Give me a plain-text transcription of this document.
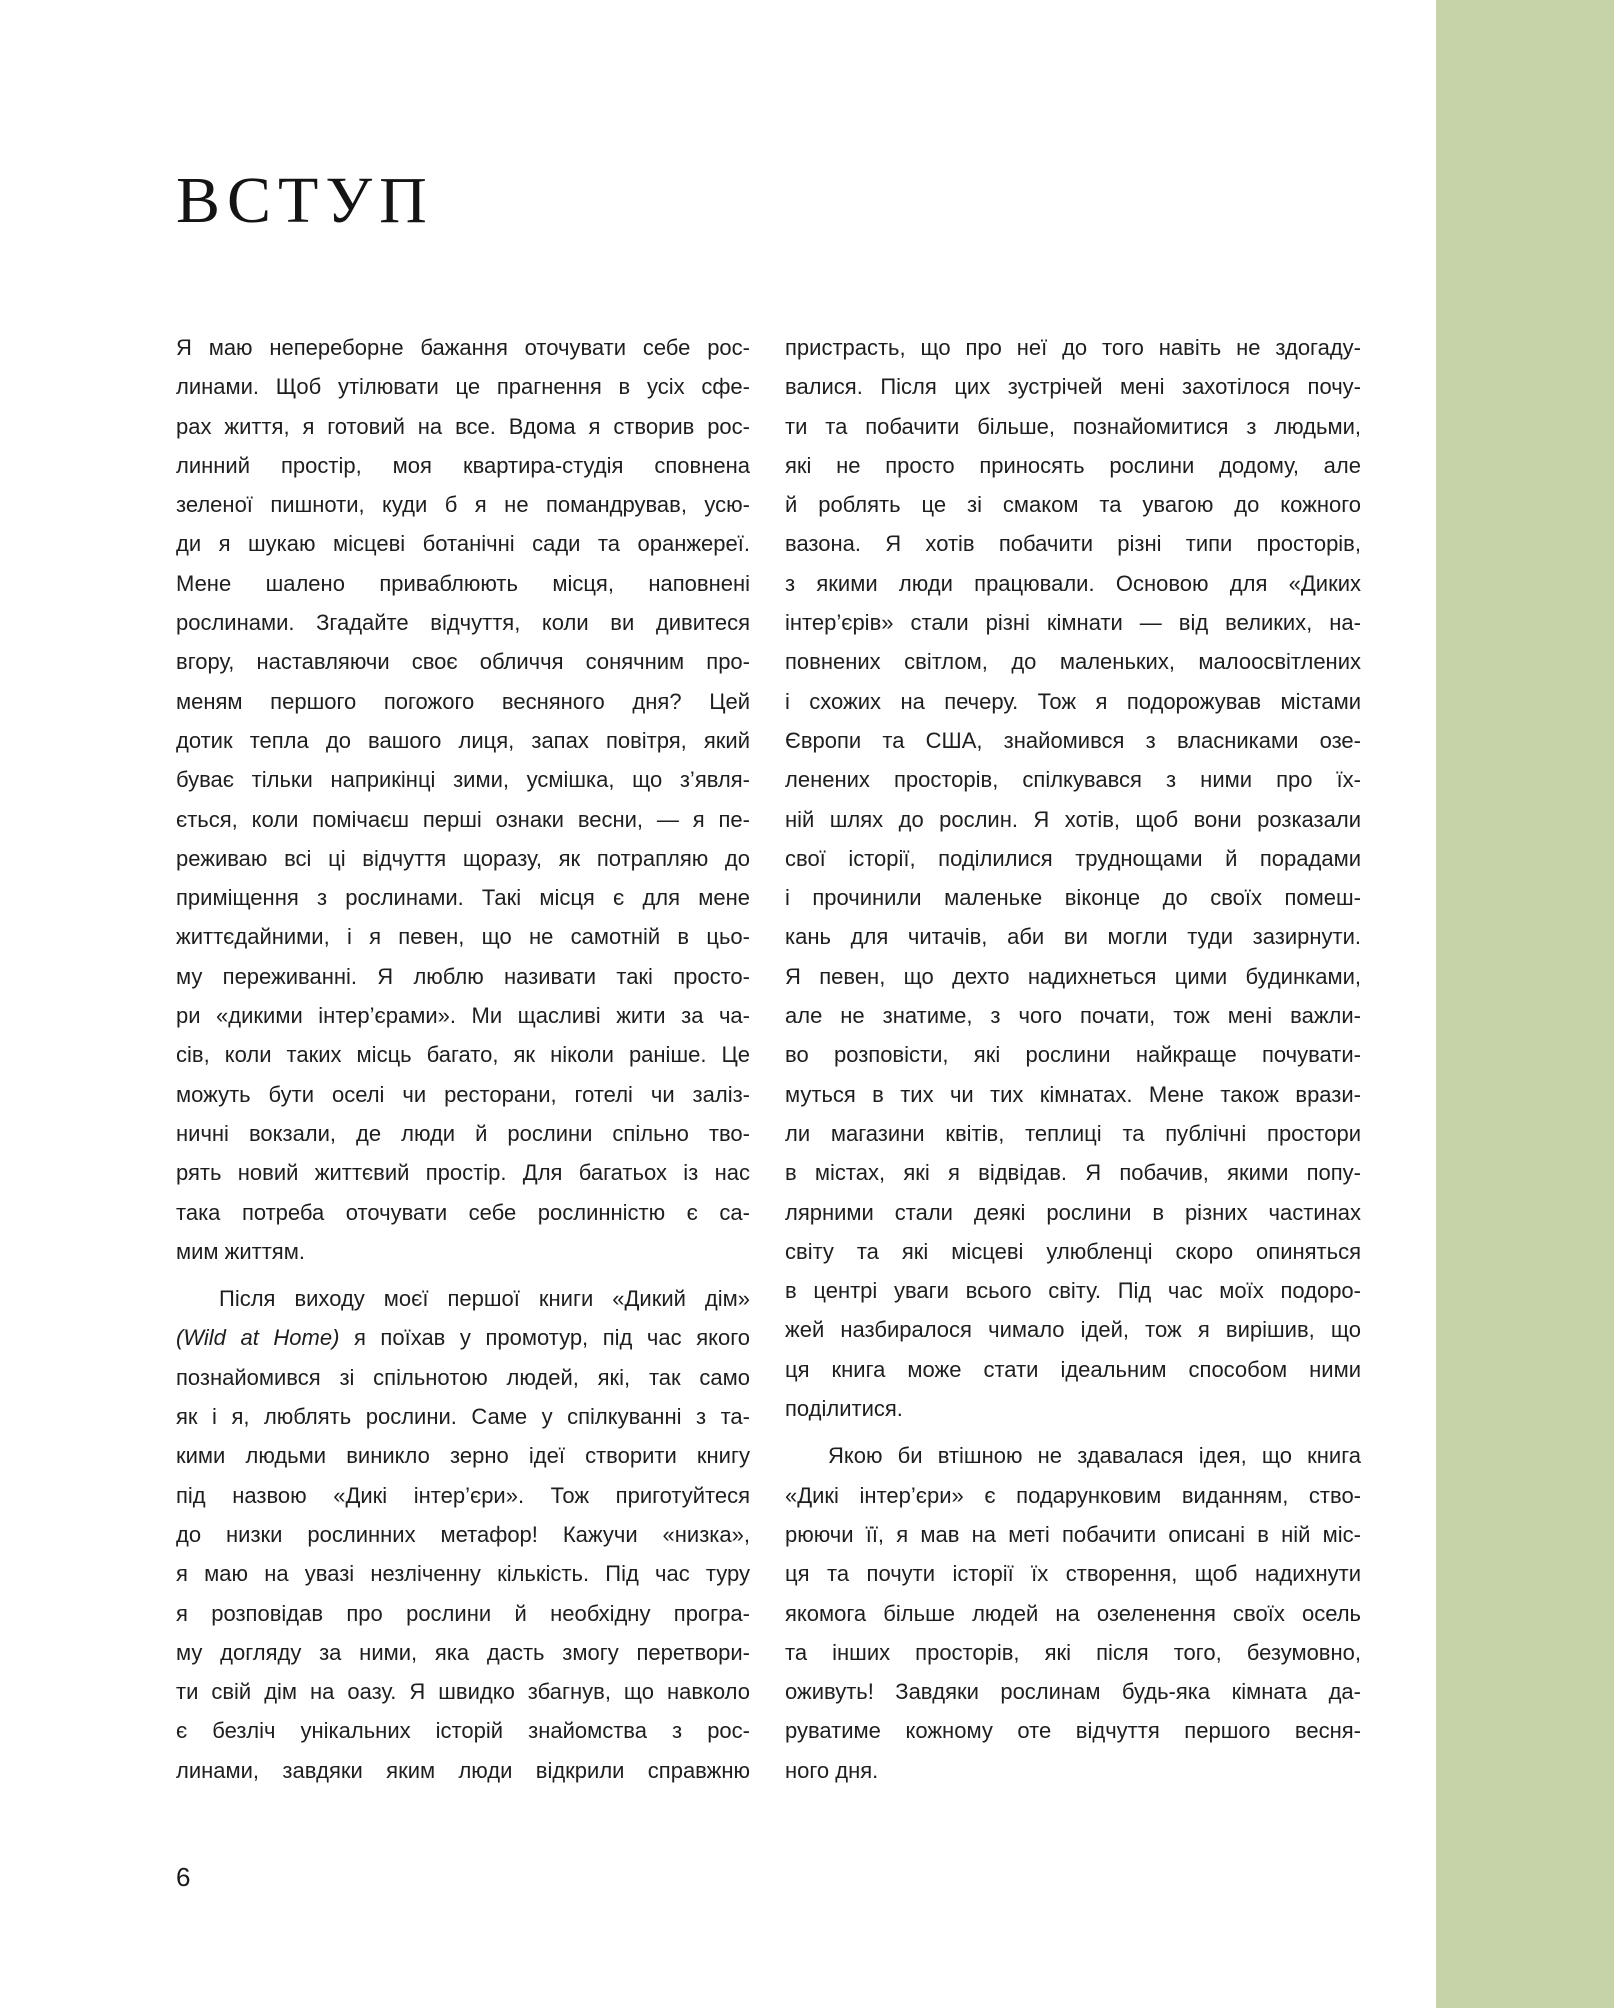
ВСТУП
Я маю непереборне бажання оточувати себе рос-
линами. Щоб утілювати це прагнення в усіх сфе-
рах життя, я готовий на все. Вдома я створив рос-
линний простір, моя квартира-студія сповнена
зеленої пишноти, куди б я не помандрував, усю-
ди я шукаю місцеві ботанічні сади та оранжереї.
Мене шалено приваблюють місця, наповнені
рослинами. Згадайте відчуття, коли ви дивитеся
вгору, наставляючи своє обличчя сонячним про-
меням першого погожого весняного дня? Цей
дотик тепла до вашого лиця, запах повітря, який
буває тільки наприкінці зими, усмішка, що з’явля-
ється, коли помічаєш перші ознаки весни, — я пе-
реживаю всі ці відчуття щоразу, як потрапляю до
приміщення з рослинами. Такі місця є для мене
життєдайними, і я певен, що не самотній в цьо-
му переживанні. Я люблю називати такі просто-
ри «дикими інтер’єрами». Ми щасливі жити за ча-
сів, коли таких місць багато, як ніколи раніше. Це
можуть бути оселі чи ресторани, готелі чи заліз-
ничні вокзали, де люди й рослини спільно тво-
рять новий життєвий простір. Для багатьох із нас
така потреба оточувати себе рослинністю є са-
мим життям.
Після виходу моєї першої книги «Дикий дім»
(Wild at Home) я поїхав у промотур, під час якого
познайомився зі спільнотою людей, які, так само
як і я, люблять рослини. Саме у спілкуванні з та-
кими людьми виникло зерно ідеї створити книгу
під назвою «Дикі інтер’єри». Тож приготуйтеся
до низки рослинних метафор! Кажучи «низка»,
я маю на увазі незліченну кількість. Під час туру
я розповідав про рослини й необхідну програ-
му догляду за ними, яка дасть змогу перетвори-
ти свій дім на оазу. Я швидко збагнув, що навколо
є безліч унікальних історій знайомства з рос-
линами, завдяки яким люди відкрили справжню
пристрасть, що про неї до того навіть не здогаду-
валися. Після цих зустрічей мені захотілося почу-
ти та побачити більше, познайомитися з людьми,
які не просто приносять рослини додому, але
й роблять це зі смаком та увагою до кожного
вазона. Я хотів побачити різні типи просторів,
з якими люди працювали. Основою для «Диких
інтер’єрів» стали різні кімнати — від великих, на-
повнених світлом, до маленьких, малоосвітлених
і схожих на печеру. Тож я подорожував містами
Європи та США, знайомився з власниками озе-
ленених просторів, спілкувався з ними про їх-
ній шлях до рослин. Я хотів, щоб вони розказали
свої історії, поділилися труднощами й порадами
і прочинили маленьке віконце до своїх помеш-
кань для читачів, аби ви могли туди зазирнути.
Я певен, що дехто надихнеться цими будинками,
але не знатиме, з чого почати, тож мені важли-
во розповісти, які рослини найкраще почувати-
муться в тих чи тих кімнатах. Мене також врази-
ли магазини квітів, теплиці та публічні простори
в містах, які я відвідав. Я побачив, якими попу-
лярними стали деякі рослини в різних частинах
світу та які місцеві улюбленці скоро опиняться
в центрі уваги всього світу. Під час моїх подоро-
жей назбиралося чимало ідей, тож я вирішив, що
ця книга може стати ідеальним способом ними
поділитися.
Якою би втішною не здавалася ідея, що книга
«Дикі інтер’єри» є подарунковим виданням, ство-
рюючи її, я мав на меті побачити описані в ній міс-
ця та почути історії їх створення, щоб надихнути
якомога більше людей на озеленення своїх осель
та інших просторів, які після того, безумовно,
оживуть! Завдяки рослинам будь-яка кімната да-
руватиме кожному оте відчуття першого весня-
ного дня.
6
